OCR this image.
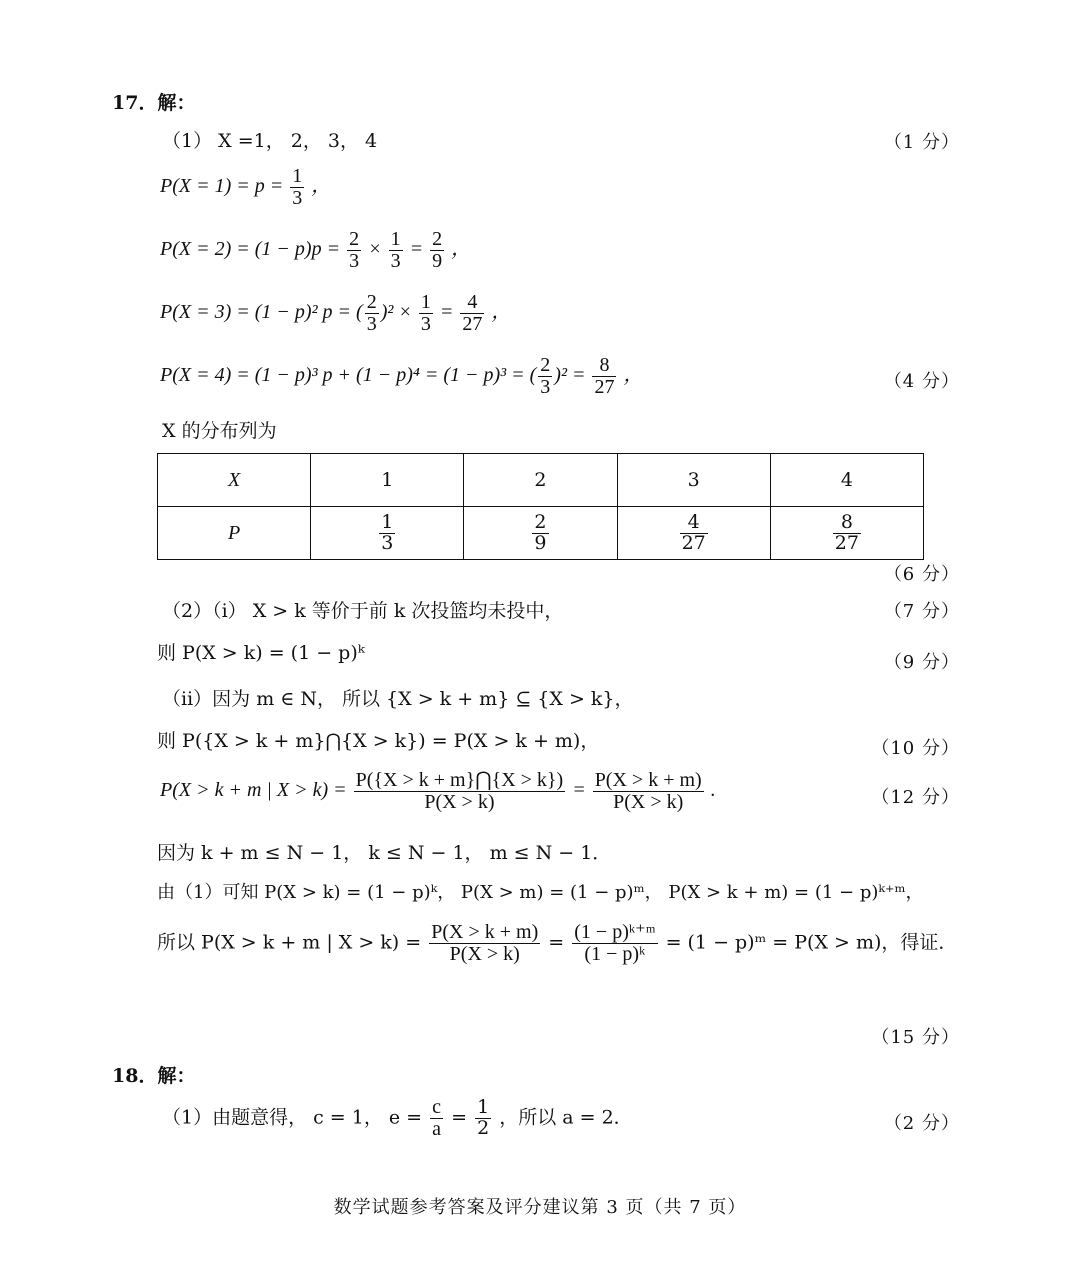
17．解：
（1） X =1， 2， 3， 4	（1 分）
$P(X = 1) = p = \frac{1}{3}$ ，
$P(X = 2) = (1 - p)p = \frac{2}{3} \times \frac{1}{3} = \frac{2}{9}$ ，
P(X = 3) = (1 − p)² p = ( $\frac{2}{3} )^2 \times \frac{1}{3} = \frac{4}{27}$ ，
P(X = 4) = (1 − p)³ p + (1 − p)⁴ = (1 − p)³ = ( $\frac{2}{3} )^2 = \frac{8}{27}$ ，	（4 分）
X 的分布列为
X	1	2	3	4
P	$\frac{1}{3}$	$\frac{2}{9}$	$\frac{4}{27}$	$\frac{8}{27}$
（6 分）
（2）（ⅰ） X > k 等价于前 k 次投篮均未投中，	（7 分）
则 P(X > k) = (1 − p)ᵏ	（9 分）
（ⅱ）因为 m ∈ N， 所以 {X > k + m} ⊆ {X > k}，
则 P({X > k + m}⋂{X > k}) = P(X > k + m)，	（10 分）
P(X > k + m | $X > k) = \frac{P(\{X > k + m\}⋂\{X > k\})}{P(X > k)} = \frac{P(X > k + m)}{P(X > k)}$ .	（12 分）
因为 k + m ≤ N − 1， k ≤ N − 1， m ≤ N − 1．
由（1）可知 P(X > k) = (1 − p)ᵏ， P(X > m) = (1 − p)ᵐ， P(X > k + m) = (1 − p)ᵏ⁺ᵐ，
所以 P(X > k + m | $X > k) = \frac{P(X > k + m)}{P(X > k)} = \frac{\text{(1 − p)ᵏ⁺ᵐ}}{\text{(1 − p)ᵏ}} = (1$ − p)ᵐ = P(X > m)，得证．
（15 分）
18．解：
（1）由题意得， c = 1， $e = \frac{c}{a} = \frac{1}{2}$ ，所以 a = 2．	（2 分）
数学试题参考答案及评分建议第 3 页（共 7 页）
